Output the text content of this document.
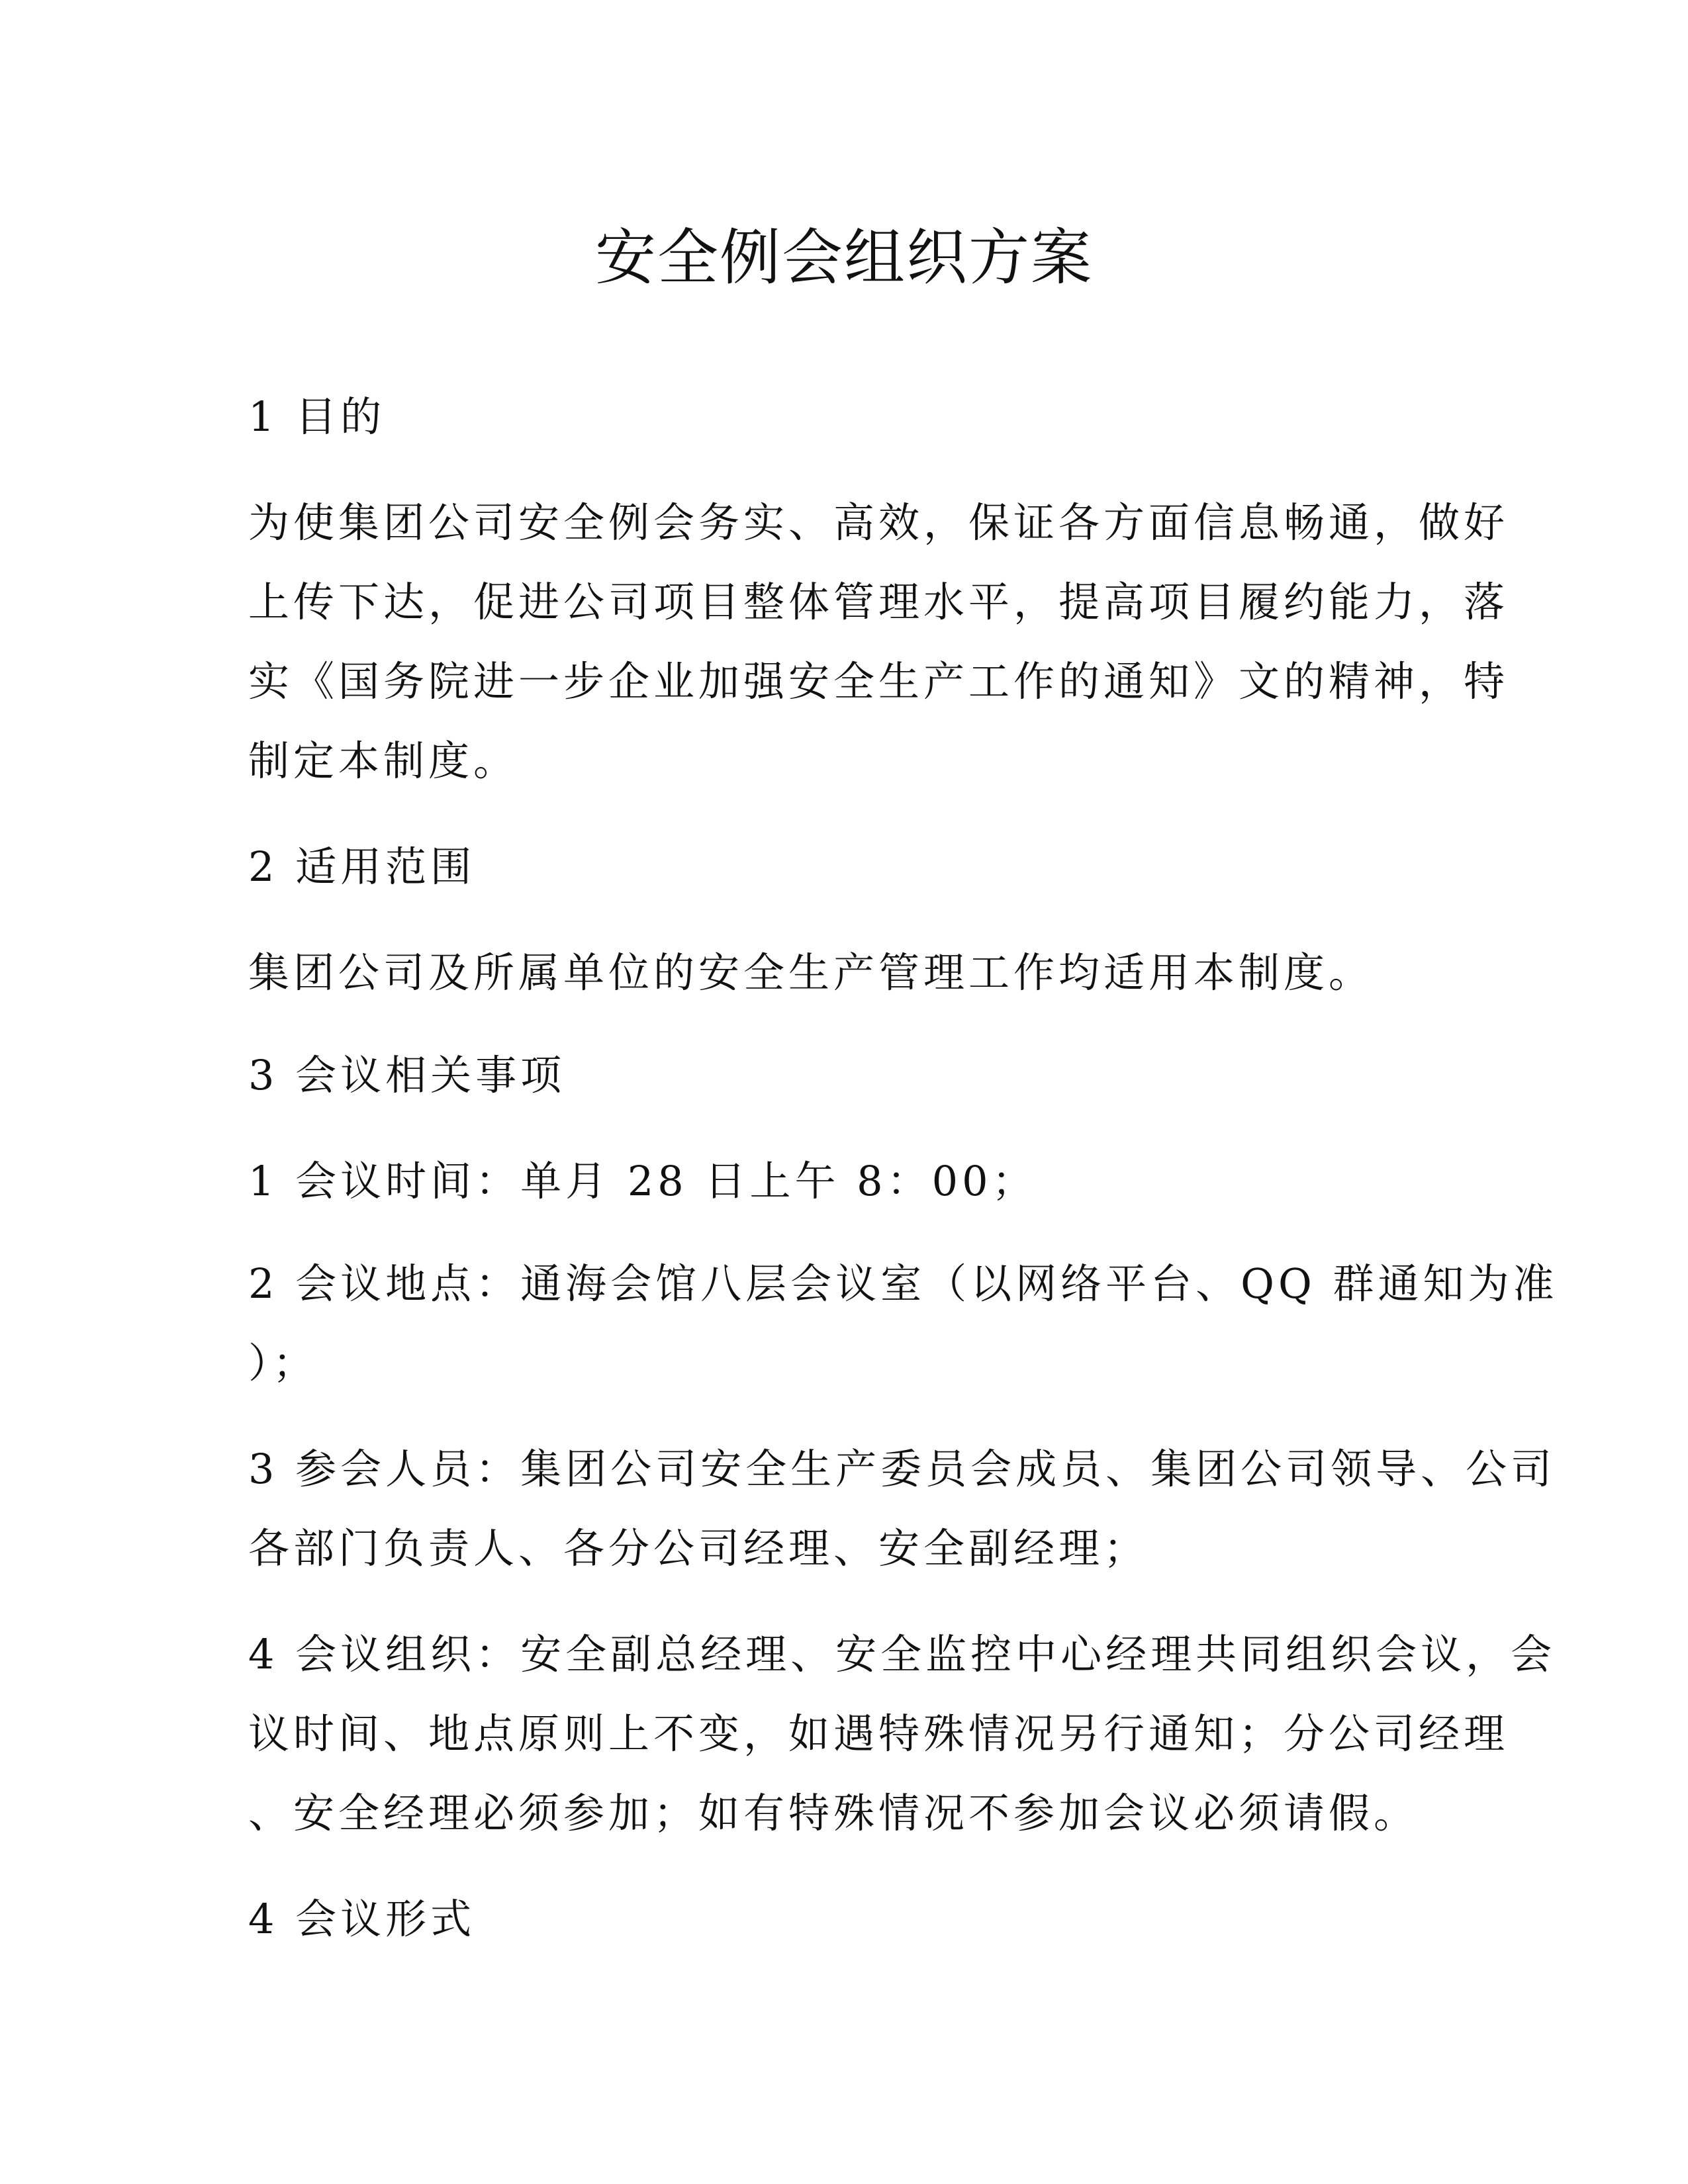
安全例会组织方案
1 目的
为使集团公司安全例会务实、高效，保证各方面信息畅通，做好
上传下达，促进公司项目整体管理水平，提高项目履约能力，落
实《国务院进一步企业加强安全生产工作的通知》文的精神，特
制定本制度。
2 适用范围
集团公司及所属单位的安全生产管理工作均适用本制度。
3 会议相关事项
1 会议时间：单月 28 日上午 8：00；
2 会议地点：通海会馆八层会议室（以网络平台、QQ 群通知为准
）；
3 参会人员：集团公司安全生产委员会成员、集团公司领导、公司
各部门负责人、各分公司经理、安全副经理；
4 会议组织：安全副总经理、安全监控中心经理共同组织会议，会
议时间、地点原则上不变，如遇特殊情况另行通知；分公司经理
、安全经理必须参加；如有特殊情况不参加会议必须请假。
4 会议形式
